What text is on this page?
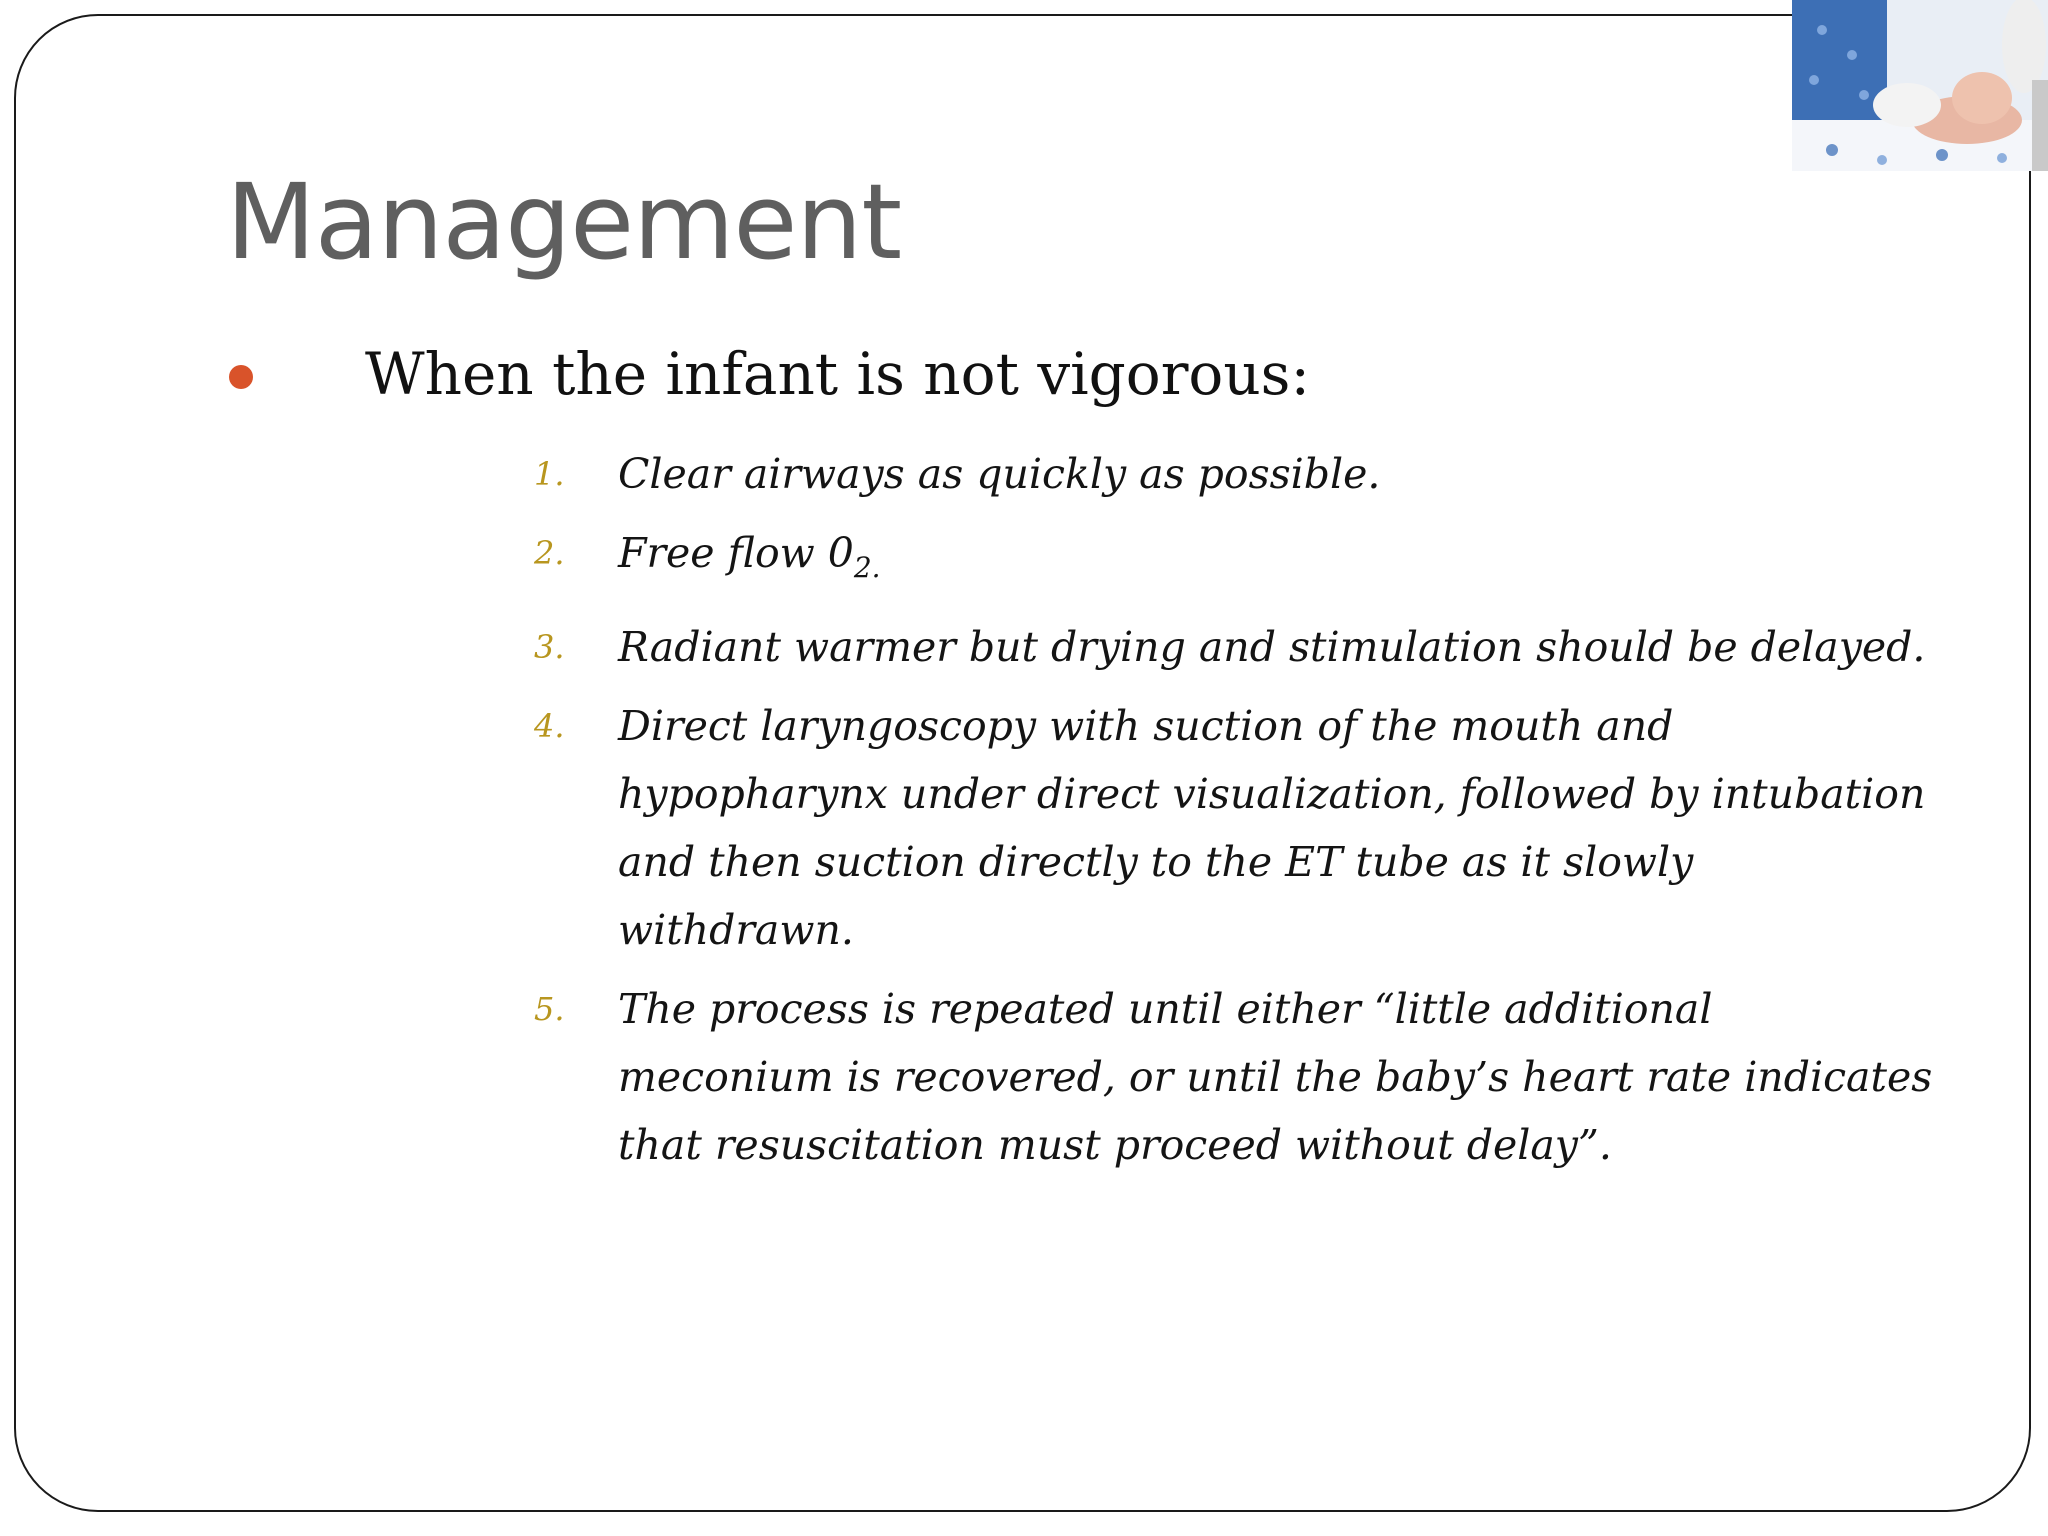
Management
When the infant is not vigorous:
1. Clear airways as quickly as possible.
2. Free flow $0_{2.}$
3. Radiant warmer but drying and stimulation should be delayed.
4. Direct laryngoscopy with suction of the mouth and hypopharynx under direct visualization, followed by intubation and then suction directly to the ET tube as it slowly withdrawn.
5. The process is repeated until either “little additional meconium is recovered, or until the baby’s heart rate indicates that resuscitation must proceed without delay”.
